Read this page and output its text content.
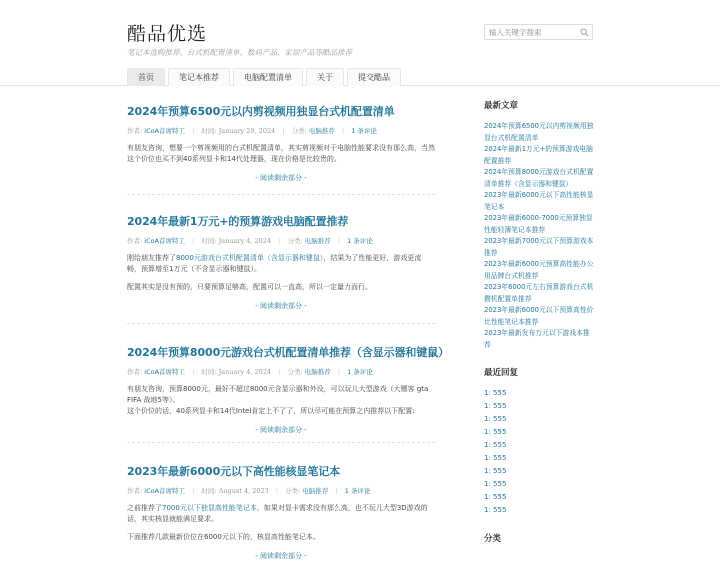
酷品优选
笔记本选购推荐、台式机配置清单、数码产品、家居产品等酷品推荐
输入关键字搜索
首页	笔记本推荐	电脑配置清单	关于	提交酷品
2024年预算6500元以内剪视频用独显台式机配置清单
作者: iCoA首席特工 | 时间: January 29, 2024 | 分类: 电脑推荐 | 1 条评论

有朋友咨询，想要一个剪视频用的台式机配置清单，其实剪视频对于电脑性能要求没有那么高，当然这个价位也买不到40系列显卡和14代处理器，现在价格是比较贵的。

- 阅读剩余部分 -
2024年最新1万元+的预算游戏电脑配置推荐
作者: iCoA首席特工 | 时间: January 4, 2024 | 分类: 电脑推荐 | 1 条评论

刚给朋友推荐了8000元游戏台式机配置清单（含显示器和键鼠），结果为了性能更好，游戏更流畅，预算增至1万元（不含显示器和键鼠）。

配置其实是没有预的，只要预算足够高，配置可以一直高，所以一定量力而行。

- 阅读剩余部分 -
2024年预算8000元游戏台式机配置清单推荐（含显示器和键鼠）
作者: iCoA首席特工 | 时间: January 4, 2024 | 分类: 电脑推荐 | 1 条评论

有朋友咨询，预算8000元，最好不超过8000元含显示器和外设，可以玩儿大型游戏（大镖客 gta FIFA 战地5等）。
这个价位的话，40系列显卡和14代Intel肯定上不了了，所以尽可能在预算之内推荐以下配置:

- 阅读剩余部分 -
2023年最新6000元以下高性能核显笔记本
作者: iCoA首席特工 | 时间: August 4, 2023 | 分类: 电脑推荐 | 1 条评论

之前推荐了7000元以下独显高性能笔记本，如果对显卡需求没有那么高，也不玩儿大型3D游戏的话，其实核显就能满足要求。

下面推荐几款最新价位在6000元以下的，核显高性能笔记本。

- 阅读剩余部分 -
最新文章
2024年预算6500元以内剪视频用独显台式机配置清单
2024年最新1万元+的预算游戏电脑配置推荐
2024年预算8000元游戏台式机配置清单推荐（含显示器和键鼠）
2023年最新6000元以下高性能核显笔记本
2023年最新6000-7000元预算独显性能轻薄笔记本推荐
2023年最新7000元以下预算游戏本推荐
2023年最新6000元预算高性能办公用品牌台式机推荐
2023年6000元左右预算游戏台式机攒机配置单推荐
2023年最新6000元以下预算高性价比性能笔记本推荐
2023年最新发布万元以下游戏本推荐
最近回复
1: 555
1: 555
1: 555
1: 555
1: 555
1: 555
1: 555
1: 555
1: 555
1: 555
分类
